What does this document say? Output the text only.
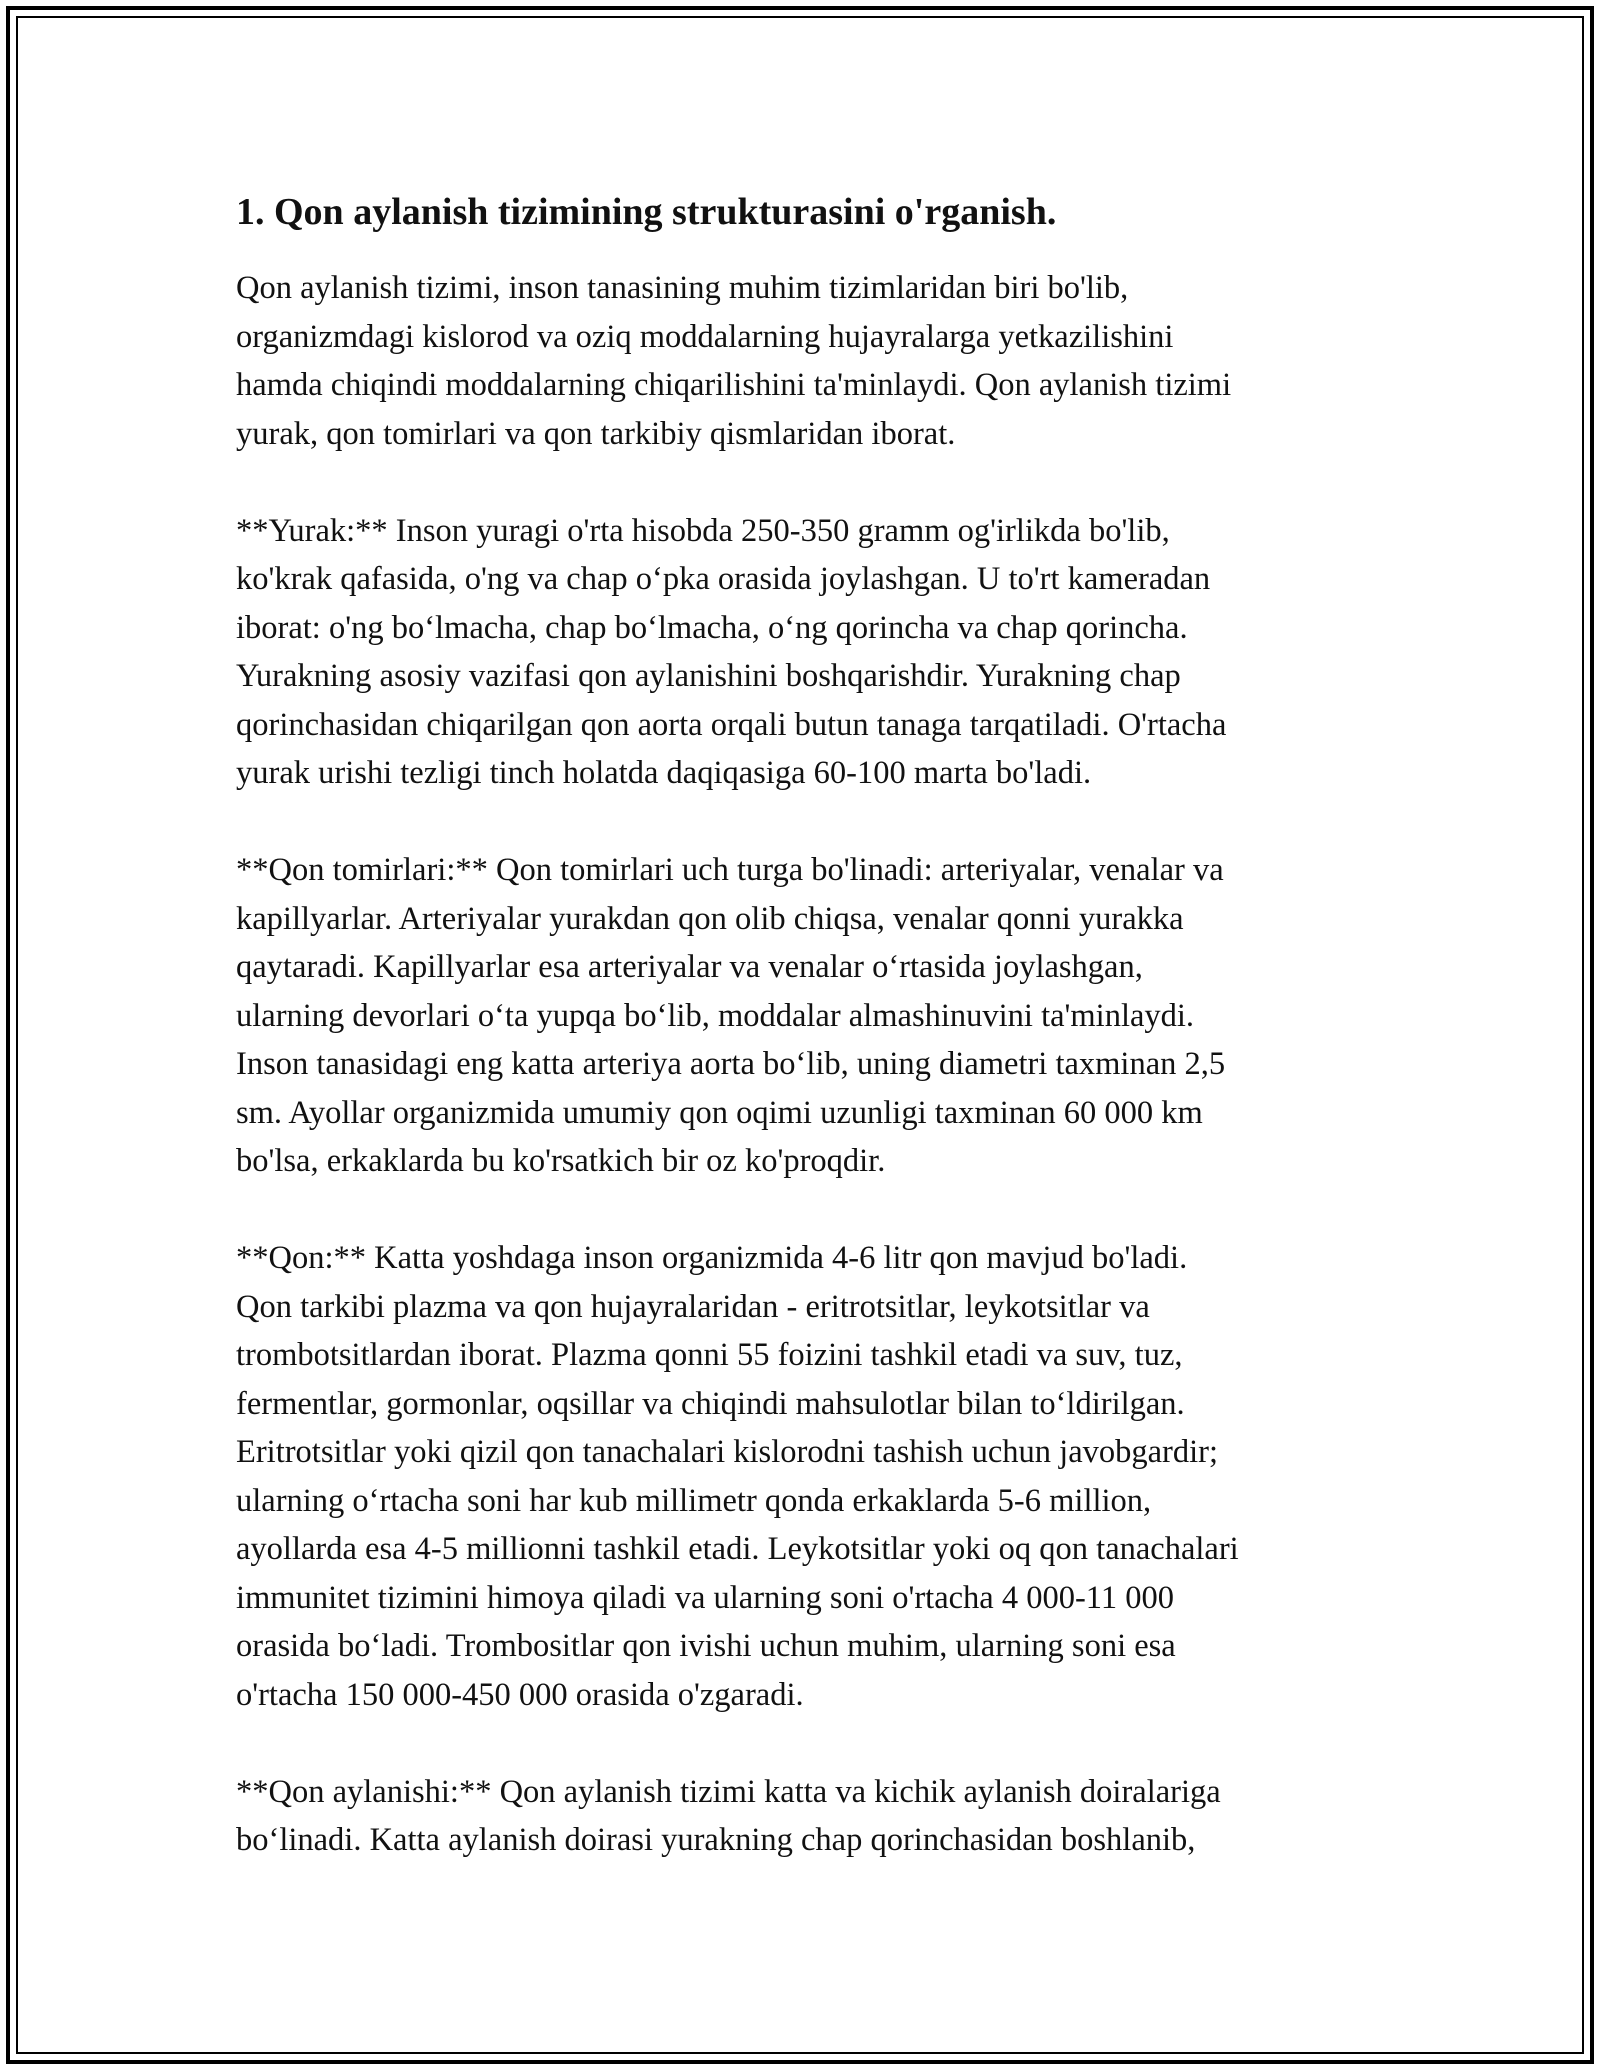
1. Qon aylanish tizimining strukturasini o'rganish.
Qon aylanish tizimi, inson tanasining muhim tizimlaridan biri bo'lib,
organizmdagi kislorod va oziq moddalarning hujayralarga yetkazilishini
hamda chiqindi moddalarning chiqarilishini ta'minlaydi. Qon aylanish tizimi
yurak, qon tomirlari va qon tarkibiy qismlaridan iborat.
**Yurak:** Inson yuragi o'rta hisobda 250-350 gramm og'irlikda bo'lib,
ko'krak qafasida, o'ng va chap o‘pka orasida joylashgan. U to'rt kameradan
iborat: o'ng bo‘lmacha, chap bo‘lmacha, o‘ng qorincha va chap qorincha.
Yurakning asosiy vazifasi qon aylanishini boshqarishdir. Yurakning chap
qorinchasidan chiqarilgan qon aorta orqali butun tanaga tarqatiladi. O'rtacha
yurak urishi tezligi tinch holatda daqiqasiga 60-100 marta bo'ladi.
**Qon tomirlari:** Qon tomirlari uch turga bo'linadi: arteriyalar, venalar va
kapillyarlar. Arteriyalar yurakdan qon olib chiqsa, venalar qonni yurakka
qaytaradi. Kapillyarlar esa arteriyalar va venalar o‘rtasida joylashgan,
ularning devorlari o‘ta yupqa bo‘lib, moddalar almashinuvini ta'minlaydi.
Inson tanasidagi eng katta arteriya aorta bo‘lib, uning diametri taxminan 2,5
sm. Ayollar organizmida umumiy qon oqimi uzunligi taxminan 60 000 km
bo'lsa, erkaklarda bu ko'rsatkich bir oz ko'proqdir.
**Qon:** Katta yoshdaga inson organizmida 4-6 litr qon mavjud bo'ladi.
Qon tarkibi plazma va qon hujayralaridan - eritrotsitlar, leykotsitlar va
trombotsitlardan iborat. Plazma qonni 55 foizini tashkil etadi va suv, tuz,
fermentlar, gormonlar, oqsillar va chiqindi mahsulotlar bilan to‘ldirilgan.
Eritrotsitlar yoki qizil qon tanachalari kislorodni tashish uchun javobgardir;
ularning o‘rtacha soni har kub millimetr qonda erkaklarda 5-6 million,
ayollarda esa 4-5 millionni tashkil etadi. Leykotsitlar yoki oq qon tanachalari
immunitet tizimini himoya qiladi va ularning soni o'rtacha 4 000-11 000
orasida bo‘ladi. Trombositlar qon ivishi uchun muhim, ularning soni esa
o'rtacha 150 000-450 000 orasida o'zgaradi.
**Qon aylanishi:** Qon aylanish tizimi katta va kichik aylanish doiralariga
bo‘linadi. Katta aylanish doirasi yurakning chap qorinchasidan boshlanib,
